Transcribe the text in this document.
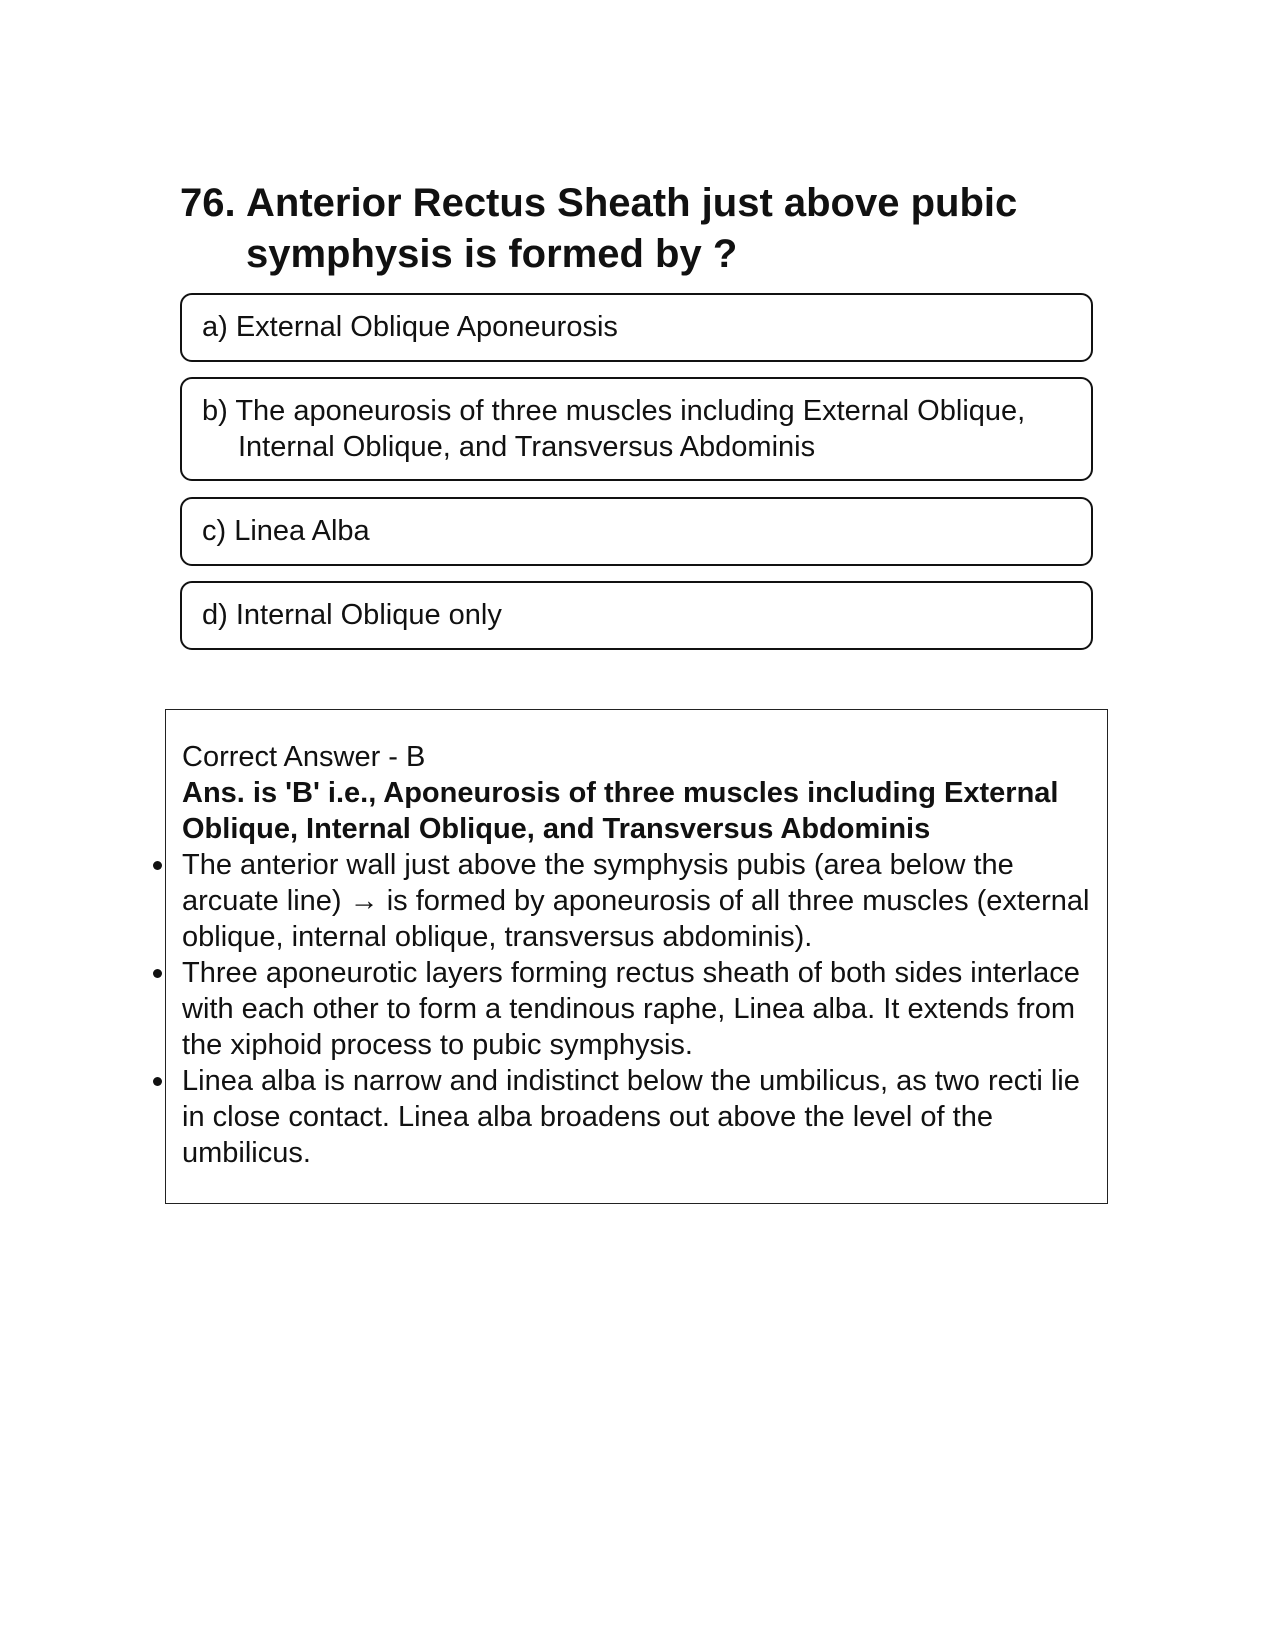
76. Anterior Rectus Sheath just above pubic symphysis is formed by ?
a) External Oblique Aponeurosis
b) The aponeurosis of three muscles including External Oblique, Internal Oblique, and Transversus Abdominis
c) Linea Alba
d) Internal Oblique only
Correct Answer - B
Ans. is 'B' i.e., Aponeurosis of three muscles including External Oblique, Internal Oblique, and Transversus Abdominis
The anterior wall just above the symphysis pubis (area below the arcuate line) → is formed by aponeurosis of all three muscles (external oblique, internal oblique, transversus abdominis).
Three aponeurotic layers forming rectus sheath of both sides interlace with each other to form a tendinous raphe, Linea alba. It extends from the xiphoid process to pubic symphysis.
Linea alba is narrow and indistinct below the umbilicus, as two recti lie in close contact. Linea alba broadens out above the level of the umbilicus.
